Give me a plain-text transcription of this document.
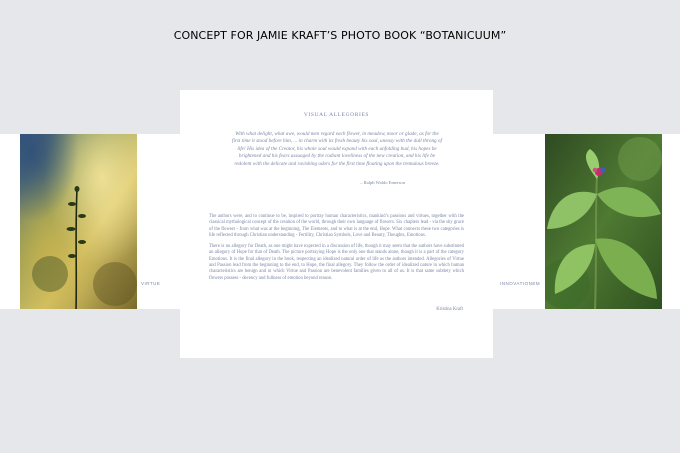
CONCEPT FOR JAMIE KRAFT’S PHOTO BOOK “BOTANICUUM”
VIRTUE	INNOVATIONEM
VISUAL ALLEGORIES
With what delight, what awe, would men regard each flower, in meadow, moor or glade, as for the first time it stood before him, ... in charm with its fresh beauty his soul, uneasy with the dull throng of life! His idea of the Creator, his whole soul would expand with each unfolding bud, his hopes be brightened and his fears assuaged by the radiant loveliness of the new creation, and his life be redolent with the delicate and ravishing odors for the first time floating upon the tremulous breeze.
– Ralph Waldo Emerson

The authors were, and to continue to be, inspired to portray human characteristics, mankind’s passions and virtues, together with the classical mythological concept of the creation of the world, through their own language of flowers. Six chapters lead - via the shy grace of the flowers - from what was at the beginning, The Elements, and to what is at the end, Hope. What connects these two categories is life reflected through Christian understanding - Fertility, Christian Symbols, Love and Beauty, Thoughts, Emotions.

There is no allegory for Death, as one might have expected in a discussion of life, though it may seem that the authors have substituted an allegory of Hope for that of Death. The picture portraying Hope is the only one that stands alone, though it is a part of the category Emotions. It is the final allegory in the book, respecting an idealized natural order of life as the authors intended. Allegories of Virtue and Passion lead from the beginning to the end, to Hope, the final allegory. They follow the order of idealized nature in which human characteristics are benign and in which Virtue and Passion are benevolent families given to all of us. It is that same subtlety which flowers possess - decency and fullness of emotion beyond reason.

Kristina Kraft
